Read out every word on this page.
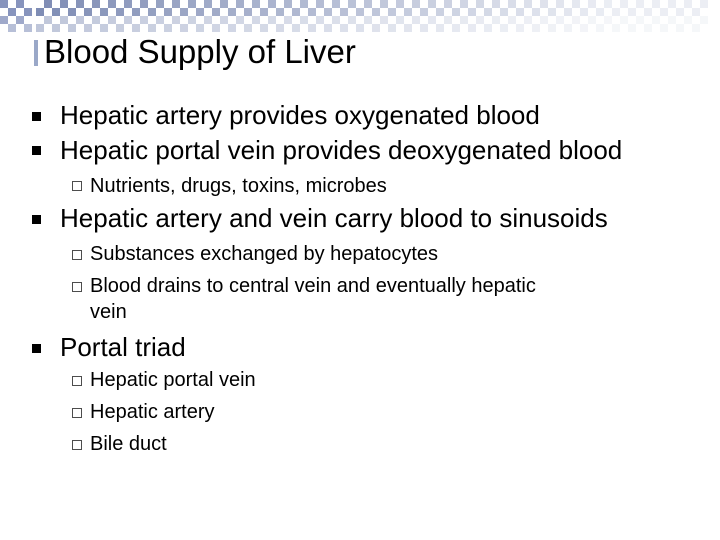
Blood Supply of Liver
Hepatic artery provides oxygenated blood
Hepatic portal vein provides deoxygenated blood
Nutrients, drugs, toxins, microbes
Hepatic artery and vein carry blood to sinusoids
Substances exchanged by hepatocytes
Blood drains to central vein and eventually hepatic
vein
Portal triad
Hepatic portal vein
Hepatic artery
Bile duct
